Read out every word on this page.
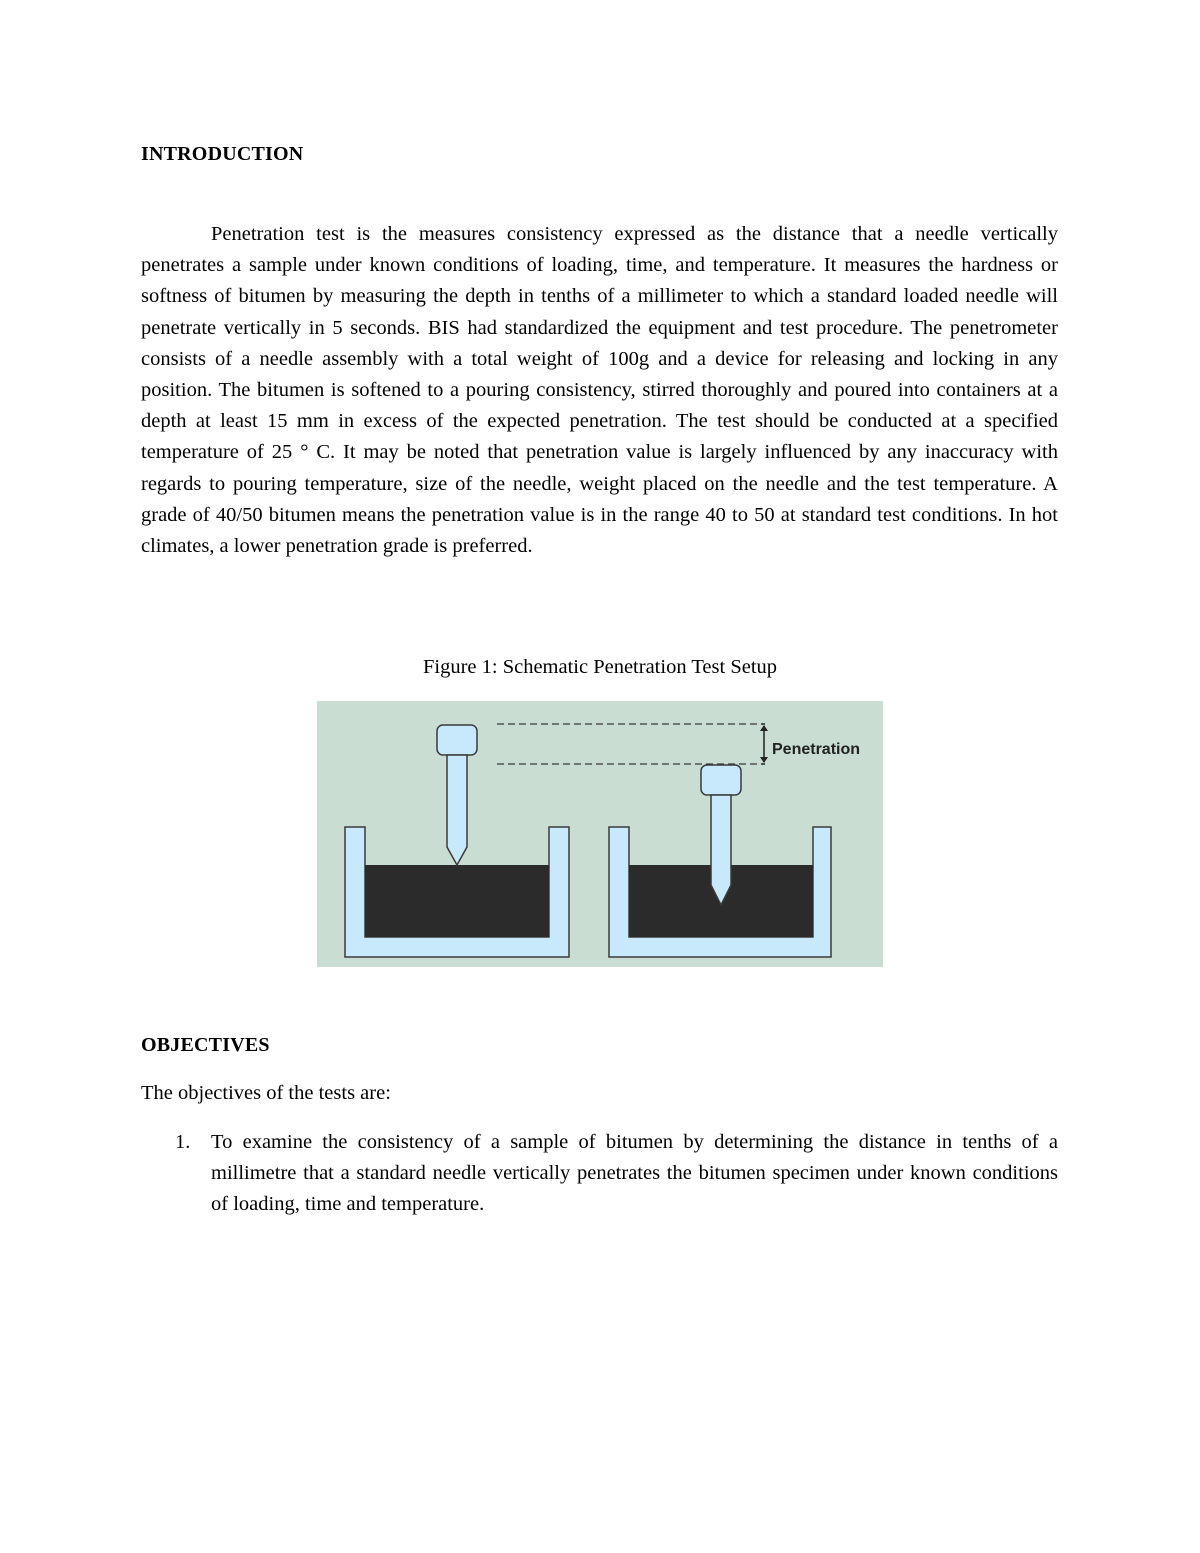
INTRODUCTION

Penetration test is the measures consistency expressed as the distance that a needle vertically penetrates a sample under known conditions of loading, time, and temperature. It measures the hardness or softness of bitumen by measuring the depth in tenths of a millimeter to which a standard loaded needle will penetrate vertically in 5 seconds. BIS had standardized the equipment and test procedure. The penetrometer consists of a needle assembly with a total weight of 100g and a device for releasing and locking in any position. The bitumen is softened to a pouring consistency, stirred thoroughly and poured into containers at a depth at least 15 mm in excess of the expected penetration. The test should be conducted at a specified temperature of 25 ° C. It may be noted that penetration value is largely influenced by any inaccuracy with regards to pouring temperature, size of the needle, weight placed on the needle and the test temperature. A grade of 40/50 bitumen means the penetration value is in the range 40 to 50 at standard test conditions. In hot climates, a lower penetration grade is preferred.

Figure 1: Schematic Penetration Test Setup
Penetration
OBJECTIVES
The objectives of the tests are:
1. To examine the consistency of a sample of bitumen by determining the distance in tenths of a millimetre that a standard needle vertically penetrates the bitumen specimen under known conditions of loading, time and temperature.
